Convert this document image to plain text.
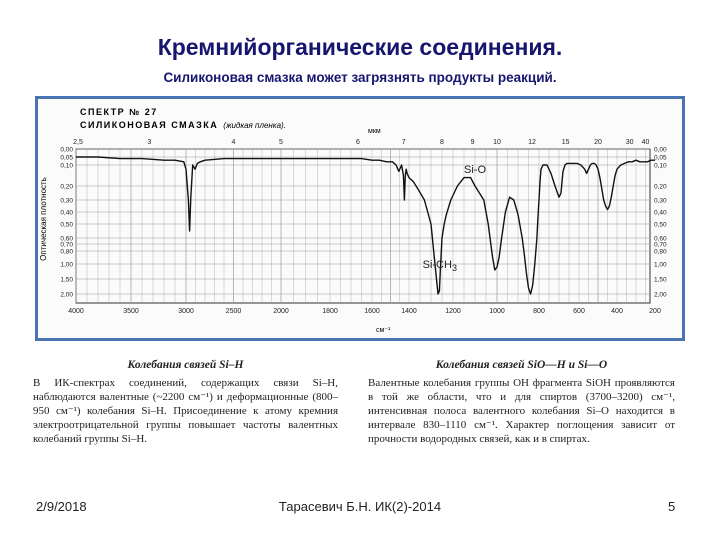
Кремнийорганические соединения.
Силиконовая смазка может загрязнять продукты реакций.
СПЕКТР № 27
СИЛИКОНОВАЯ СМАЗКА (жидкая пленка).
мкм
Оптическая плотность
см⁻¹
0,00	0,00
0,05	0,05
0,10	0,10
0,20	0,20
0,30	0,30
0,40	0,40
0,50	0,50
0,60	0,60
0,70	0,70
0,80	0,80
1,00	1,00
1,50	1,50
2,00	2,00
4000	3500	3000	2500	2000	1800	1600	1400	1200	1000	800	600	400	200
2,5	3	4	5	6	7	8	9	10	12	15	20	30 40
Si-O
$Si-CH_3$
Колебания связей Si–H
В ИК-спектрах соединений, содержащих связи Si–H, наблюдаются валентные (~2200 см⁻¹) и деформационные (800–950 см⁻¹) колебания Si–H. Присоединение к атому кремния электроотрицательной группы повышает частоты валентных колебаний группы Si–H.
Колебания связей SiO—H и Si—O
Валентные колебания группы OH фрагмента SiOH проявляются в той же области, что и для спиртов (3700–3200) см⁻¹, интенсивная полоса валентного колебания Si–O находится в интервале 830–1110 см⁻¹. Характер поглощения зависит от прочности водородных связей, как и в спиртах.
2/9/2018	Тарасевич Б.Н. ИК(2)-2014	5
